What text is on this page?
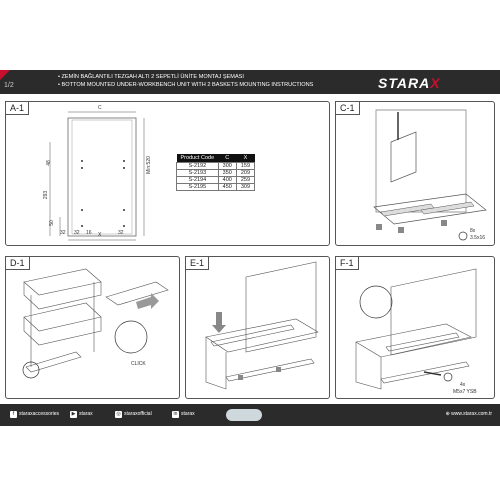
1/2
• ZEMİN BAĞLANTILI TEZGAH ALTI 2 SEPETLİ ÜNİTE MONTAJ ŞEMASI
• BOTTOM MOUNTED UNDER-WORKBENCH UNIT WITH 2 BASKETS MOUNTING INSTRUCTIONS	STARAX
A-1	C
Min:520
48
293
50
32	X
32 16	32
Product Code	C	X
S-2192	300	159
S-2193	350	209
S-2194	400	259
S-2195	450	309
C-1
8x
3.5x16
D-1
CLICK
E-1	F-1
4x
M5x7 YSB
f staraxaccessories	▶ starax	◎ staraxofficial	in starax	⊕ www.starax.com.tr
